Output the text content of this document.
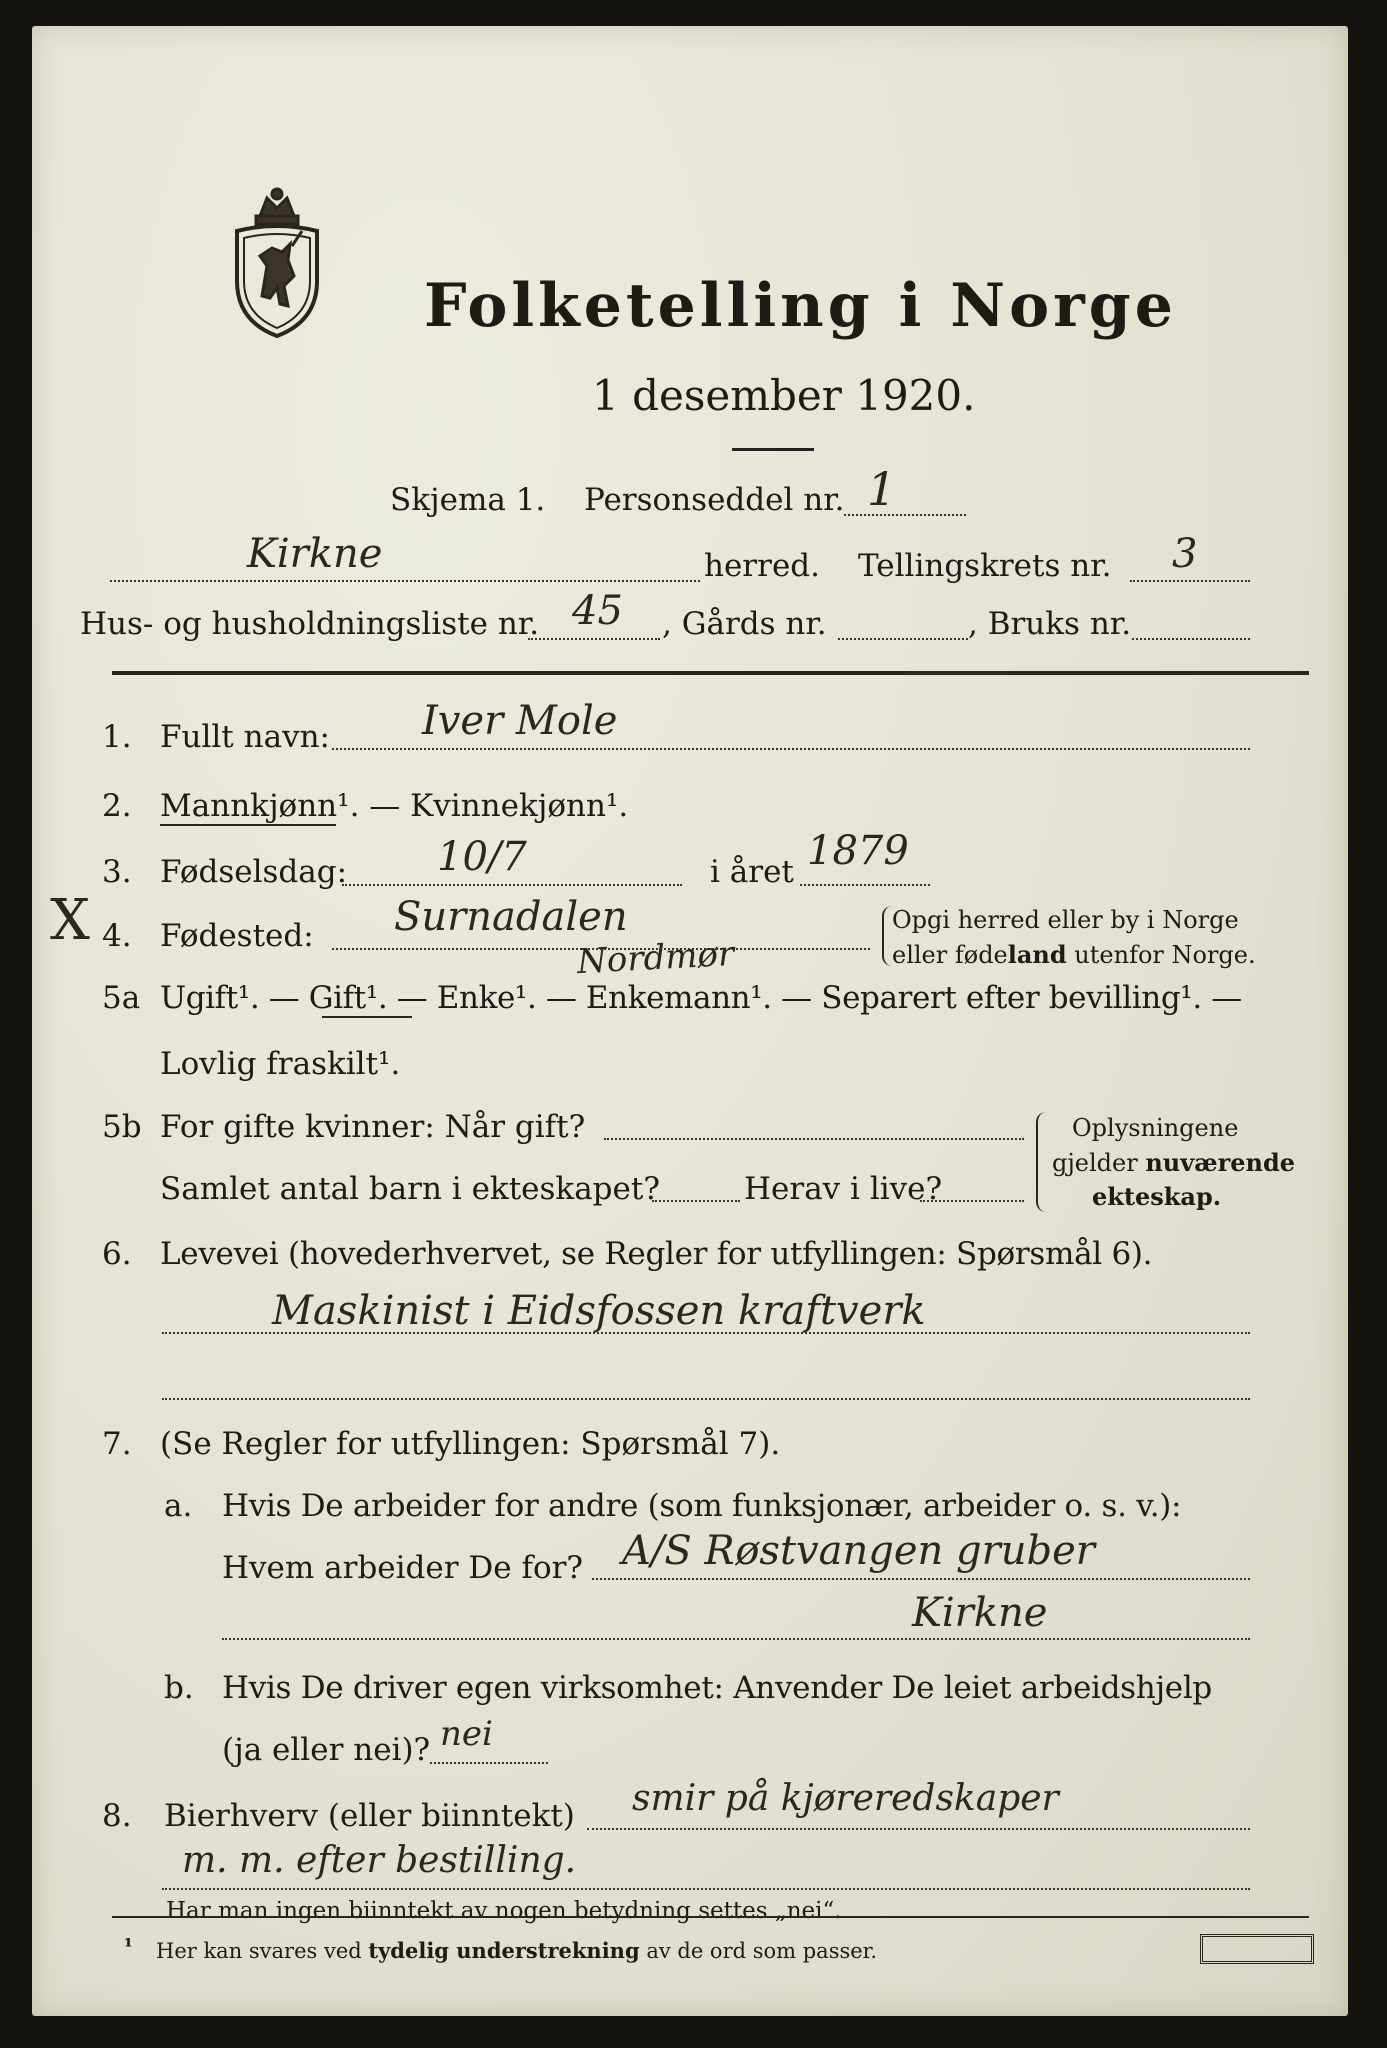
Folketelling i Norge
1 desember 1920.
Skjema 1. Personseddel nr. 1
Kirkne	herred. Tellingskrets nr. 3
Hus- og husholdningsliste nr. 45 , Gårds nr.	, Bruks nr.
1. Fullt navn: Iver Mole
2. Mannkjønn¹. — Kvinnekjønn¹.
3. Fødselsdag: 10/7	i året 1879
X 4. Fødested: Surnadalen
Nordmør
Opgi herred eller by i Norge
eller fødeland utenfor Norge.
5a Ugift¹. — Gift¹. — Enke¹. — Enkemann¹. — Separert efter bevilling¹. —
Lovlig fraskilt¹.
5b For gifte kvinner: Når gift?
Samlet antal barn i ekteskapet?	Herav i live?
Oplysningene
gjelder nuværende
ekteskap.
6. Levevei (hovederhvervet, se Regler for utfyllingen: Spørsmål 6).
Maskinist i Eidsfossen kraftverk
7. (Se Regler for utfyllingen: Spørsmål 7).
a. Hvis De arbeider for andre (som funksjonær, arbeider o. s. v.):
Hvem arbeider De for? A/S Røstvangen gruber
Kirkne
b. Hvis De driver egen virksomhet: Anvender De leiet arbeidshjelp
(ja eller nei)? nei
8. Bierhverv (eller biinntekt) smir på kjøreredskaper
m. m. efter bestilling.
Har man ingen biinntekt av nogen betydning settes „nei“.
¹ Her kan svares ved tydelig understrekning av de ord som passer.
